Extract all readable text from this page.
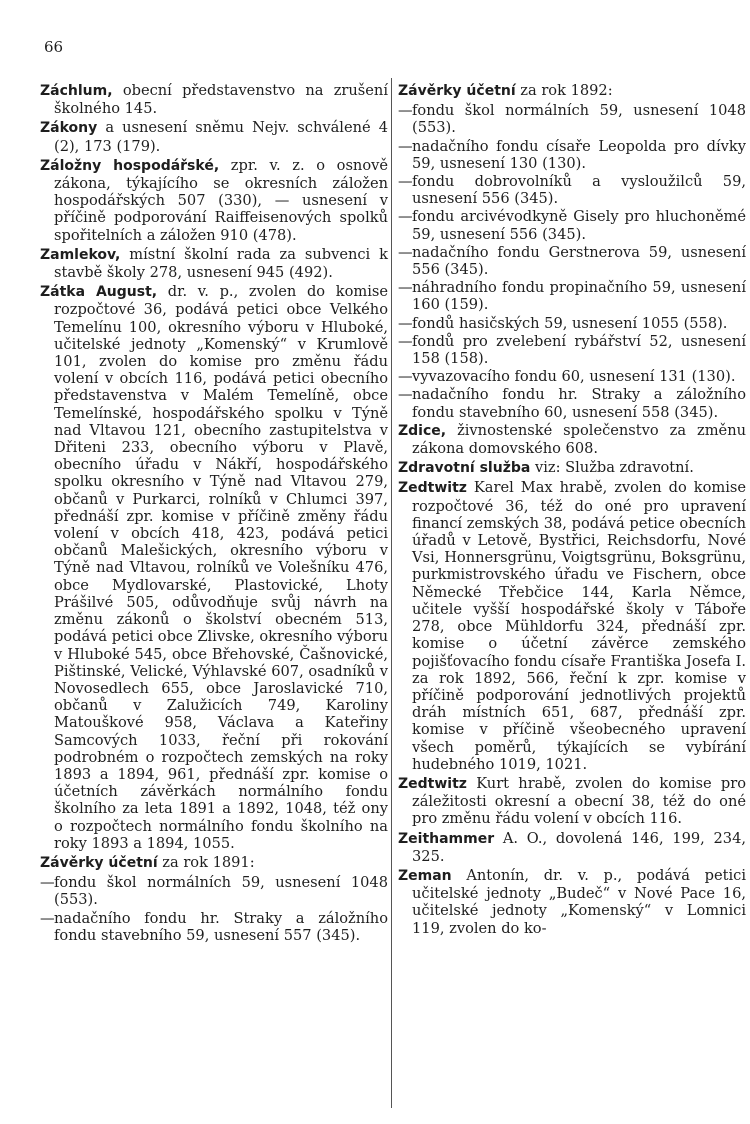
66

Záchlum, obecní představenstvo na zrušení školného 145.

Zákony a usnesení sněmu Nejv. schválené 4 (2), 173 (179).

Záložny hospodářské, zpr. v. z. o osnově zákona, týkajícího se okresních záložen hospodářských 507 (330), — usnesení v příčině podporování Raiffeisenových spolků spořitelních a záložen 910 (478).

Zamlekov, místní školní rada za subvenci k stavbě školy 278, usnesení 945 (492).

Zátka August, dr. v. p., zvolen do komise rozpočtové 36, podává petici obce Velkého Temelínu 100, okresního výboru v Hluboké, učitelské jednoty „Komenský“ v Krumlově 101, zvolen do komise pro změnu řádu volení v obcích 116, podává petici obecního představenstva v Malém Temelíně, obce Temelínské, hospodářského spolku v Týně nad Vltavou 121, obecního zastupitelstva v Dřiteni 233, obecního výboru v Plavě, obecního úřadu v Nákří, hospodářského spolku okresního v Týně nad Vltavou 279, občanů v Purkarci, rolníků v Chlumci 397, přednáší zpr. komise v příčině změny řádu volení v obcích 418, 423, podává petici občanů Malešických, okresního výboru v Týně nad Vltavou, rolníků ve Volešníku 476, obce Mydlovarské, Plastovické, Lhoty Prášilvé 505, odůvodňuje svůj návrh na změnu zákonů o školství obecném 513, podává petici obce Zlivske, okresního výboru v Hluboké 545, obce Břehovské, Čašnovické, Pištinské, Velické, Výhlavské 607, osadníků v Novosedlech 655, obce Jaroslavické 710, občanů v Zalužicích 749, Karoliny Matouškové 958, Václava a Kateřiny Samcových 1033, řeční při rokování podrobném o rozpočtech zemských na roky 1893 a 1894, 961, přednáší zpr. komise o účetních závěrkách normálního fondu školního za leta 1891 a 1892, 1048, též ony o rozpočtech normálního fondu školního na roky 1893 a 1894, 1055.

Závěrky účetní za rok 1891:

—fondu škol normálních 59, usnesení 1048 (553).

—nadačního fondu hr. Straky a záložního fondu stavebního 59, usnesení 557 (345).

Závěrky účetní za rok 1892:

—fondu škol normálních 59, usnesení 1048 (553).

—nadačního fondu císaře Leopolda pro dívky 59, usnesení 130 (130).

—fondu dobrovolníků a vysloužilců 59, usnesení 556 (345).

—fondu arcivévodkyně Gisely pro hluchoněmé 59, usnesení 556 (345).

—nadačního fondu Gerstnerova 59, usnesení 556 (345).

—náhradního fondu propinačního 59, usnesení 160 (159).

—fondů hasičských 59, usnesení 1055 (558).

—fondů pro zvelebení rybářství 52, usnesení 158 (158).

—vyvazovacího fondu 60, usnesení 131 (130).

—nadačního fondu hr. Straky a záložního fondu stavebního 60, usnesení 558 (345).

Zdice, živnostenské společenstvo za změnu zákona domovského 608.

Zdravotní služba viz: Služba zdravotní.

Zedtwitz Karel Max hrabě, zvolen do komise rozpočtové 36, též do oné pro upravení financí zemských 38, podává petice obecních úřadů v Letově, Bystřici, Reichsdorfu, Nové Vsi, Honnersgrünu, Voigtsgrünu, Boksgrünu, purkmistrovského úřadu ve Fischern, obce Německé Třebčice 144, Karla Němce, učitele vyšší hospodářské školy v Táboře 278, obce Mühldorfu 324, přednáší zpr. komise o účetní závěrce zemského pojišťovacího fondu císaře Františka Josefa I. za rok 1892, 566, řeční k zpr. komise v příčině podporování jednotlivých projektů dráh místních 651, 687, přednáší zpr. komise v příčině všeobecného upravení všech poměrů, týkajících se vybírání hudebného 1019, 1021.

Zedtwitz Kurt hrabě, zvolen do komise pro záležitosti okresní a obecní 38, též do oné pro změnu řádu volení v obcích 116.

Zeithammer A. O., dovolená 146, 199, 234, 325.

Zeman Antonín, dr. v. p., podává petici učitelské jednoty „Budeč“ v Nové Pace 16, učitelské jednoty „Komenský“ v Lomnici 119, zvolen do ko-
